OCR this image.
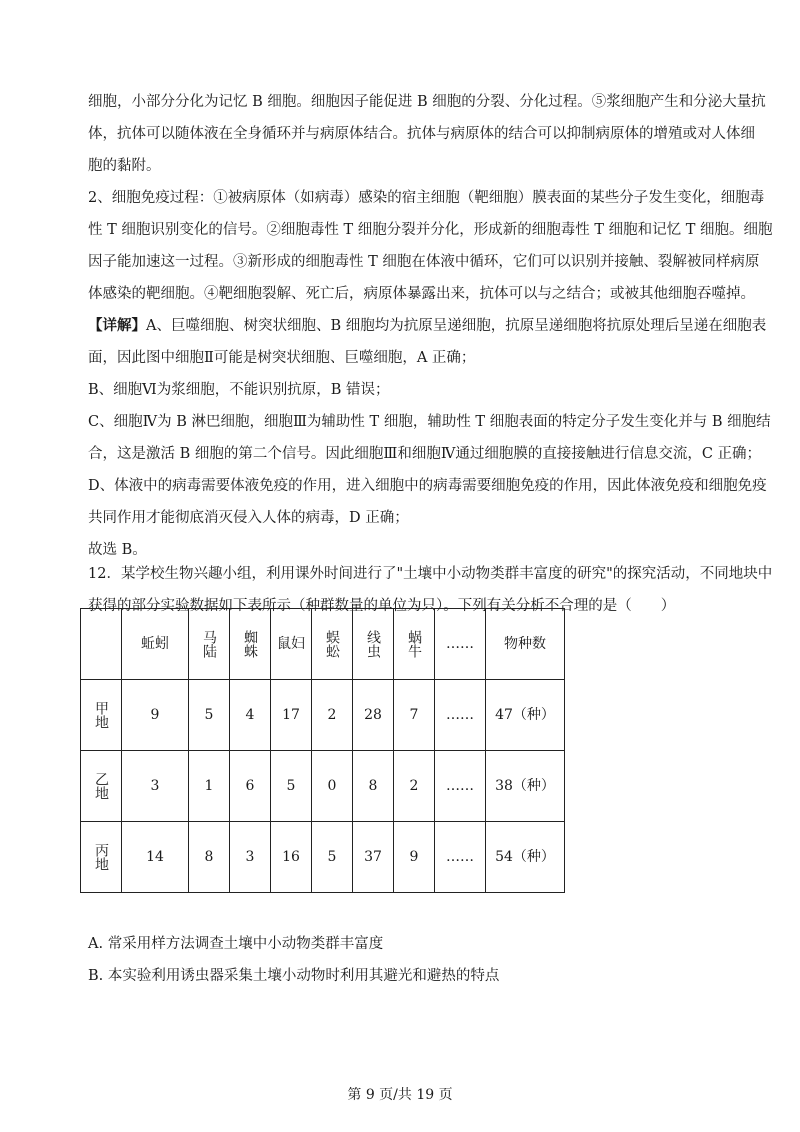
细胞，小部分分化为记忆 B 细胞。细胞因子能促进 B 细胞的分裂、分化过程。⑤浆细胞产生和分泌大量抗
体，抗体可以随体液在全身循环并与病原体结合。抗体与病原体的结合可以抑制病原体的增殖或对人体细
胞的黏附。

2、细胞免疫过程：①被病原体（如病毒）感染的宿主细胞（靶细胞）膜表面的某些分子发生变化，细胞毒
性 T 细胞识别变化的信号。②细胞毒性 T 细胞分裂并分化，形成新的细胞毒性 T 细胞和记忆 T 细胞。细胞
因子能加速这一过程。③新形成的细胞毒性 T 细胞在体液中循环，它们可以识别并接触、裂解被同样病原
体感染的靶细胞。④靶细胞裂解、死亡后，病原体暴露出来，抗体可以与之结合；或被其他细胞吞噬掉。

【详解】A、巨噬细胞、树突状细胞、B 细胞均为抗原呈递细胞，抗原呈递细胞将抗原处理后呈递在细胞表
面，因此图中细胞Ⅱ可能是树突状细胞、巨噬细胞，A 正确；
B、细胞Ⅵ为浆细胞，不能识别抗原，B 错误；
C、细胞Ⅳ为 B 淋巴细胞，细胞Ⅲ为辅助性 T 细胞，辅助性 T 细胞表面的特定分子发生变化并与 B 细胞结
合，这是激活 B 细胞的第二个信号。因此细胞Ⅲ和细胞Ⅳ通过细胞膜的直接接触进行信息交流，C 正确；
D、体液中的病毒需要体液免疫的作用，进入细胞中的病毒需要细胞免疫的作用，因此体液免疫和细胞免疫
共同作用才能彻底消灭侵入人体的病毒，D 正确；
故选 B。

12．某学校生物兴趣小组，利用课外时间进行了"土壤中小动物类群丰富度的研究"的探究活动，不同地块中
获得的部分实验数据如下表所示（种群数量的单位为只）。下列有关分析不合理的是（　　）

	蚯蚓	马陆	蜘蛛	鼠妇	蜈蚣	线虫	蜗牛	……	物种数

甲地	9	5	4	17	2	28	7	……	47（种）

乙地	3	1	6	5	0	8	2	……	38（种）

丙地	14	8	3	16	5	37	9	……	54（种）
A. 常采用样方法调查土壤中小动物类群丰富度
B. 本实验利用诱虫器采集土壤小动物时利用其避光和避热的特点
第 9 页/共 19 页
